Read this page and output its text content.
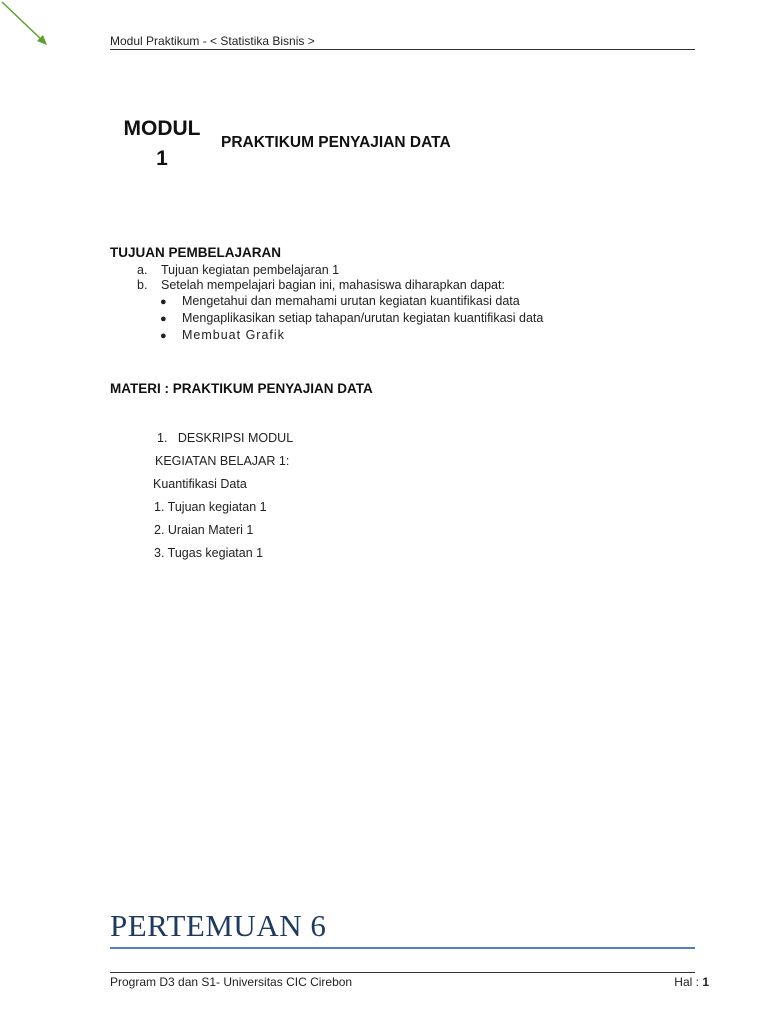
Modul Praktikum - < Statistika Bisnis >
MODUL
1
PRAKTIKUM PENYAJIAN DATA
TUJUAN PEMBELAJARAN
a. Tujuan kegiatan pembelajaran 1
b. Setelah mempelajari bagian ini, mahasiswa diharapkan dapat:
● Mengetahui dan memahami urutan kegiatan kuantifikasi data
● Mengaplikasikan setiap tahapan/urutan kegiatan kuantifikasi data
● Membuat Grafik
MATERI : PRAKTIKUM PENYAJIAN DATA
1.   DESKRIPSI MODUL
KEGIATAN BELAJAR 1:
Kuantifikasi Data
1. Tujuan kegiatan 1
2. Uraian Materi 1
3. Tugas kegiatan 1
PERTEMUAN 6
Program D3 dan S1- Universitas CIC Cirebon	Hal : 1
